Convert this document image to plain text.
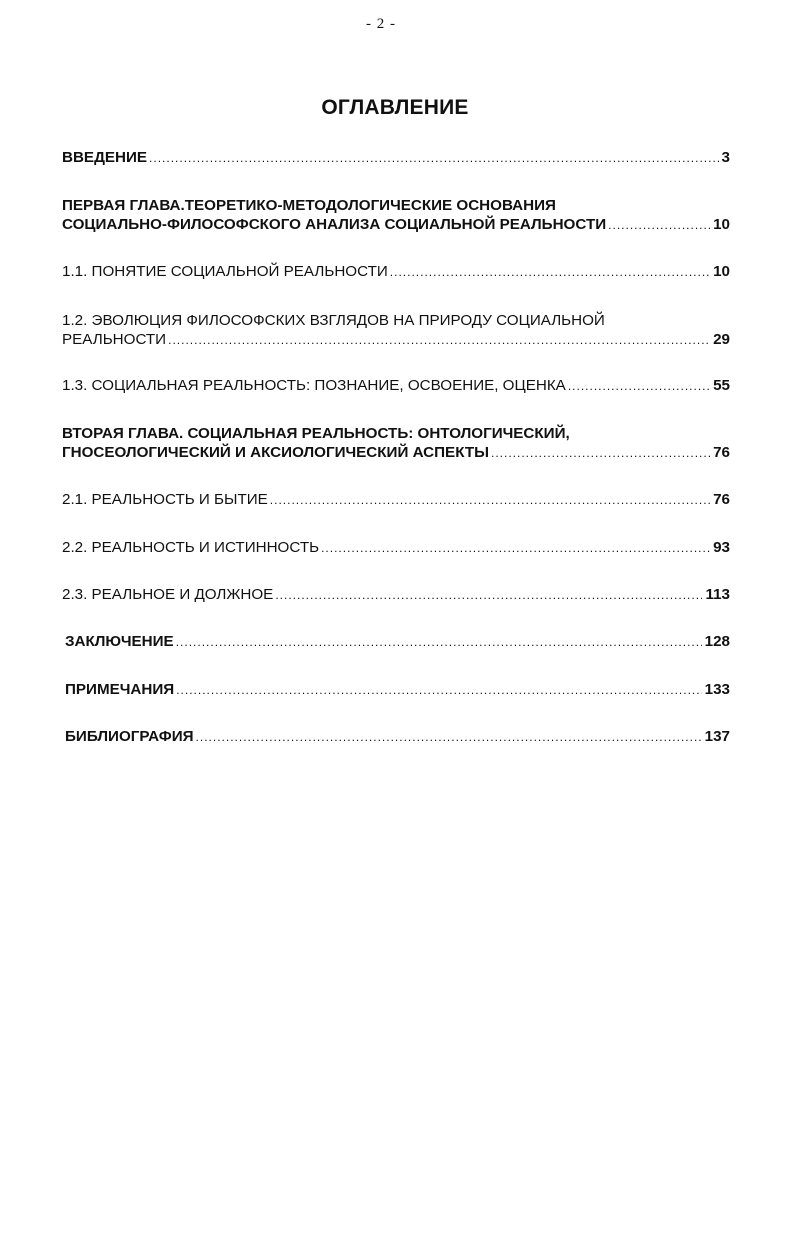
- 2 -
ОГЛАВЛЕНИЕ
ВВЕДЕНИЕ .....	3
ПЕРВАЯ ГЛАВА.ТЕОРЕТИКО-МЕТОДОЛОГИЧЕСКИЕ ОСНОВАНИЯ
СОЦИАЛЬНО-ФИЛОСОФСКОГО АНАЛИЗА СОЦИАЛЬНОЙ РЕАЛЬНОСТИ .....	10
1.1. ПОНЯТИЕ СОЦИАЛЬНОЙ РЕАЛЬНОСТИ .....	10
1.2. ЭВОЛЮЦИЯ ФИЛОСОФСКИХ ВЗГЛЯДОВ НА ПРИРОДУ СОЦИАЛЬНОЙ
РЕАЛЬНОСТИ .....	29
1.3. СОЦИАЛЬНАЯ РЕАЛЬНОСТЬ: ПОЗНАНИЕ, ОСВОЕНИЕ, ОЦЕНКА .....	55
ВТОРАЯ ГЛАВА. СОЦИАЛЬНАЯ РЕАЛЬНОСТЬ: ОНТОЛОГИЧЕСКИЙ,
ГНОСЕОЛОГИЧЕСКИЙ И АКСИОЛОГИЧЕСКИЙ АСПЕКТЫ .....	76
2.1. РЕАЛЬНОСТЬ И БЫТИЕ .....	76
2.2. РЕАЛЬНОСТЬ И ИСТИННОСТЬ .....	93
2.3. РЕАЛЬНОЕ И ДОЛЖНОЕ .....	113
ЗАКЛЮЧЕНИЕ .....	128
ПРИМЕЧАНИЯ .....	133
БИБЛИОГРАФИЯ .....	137
